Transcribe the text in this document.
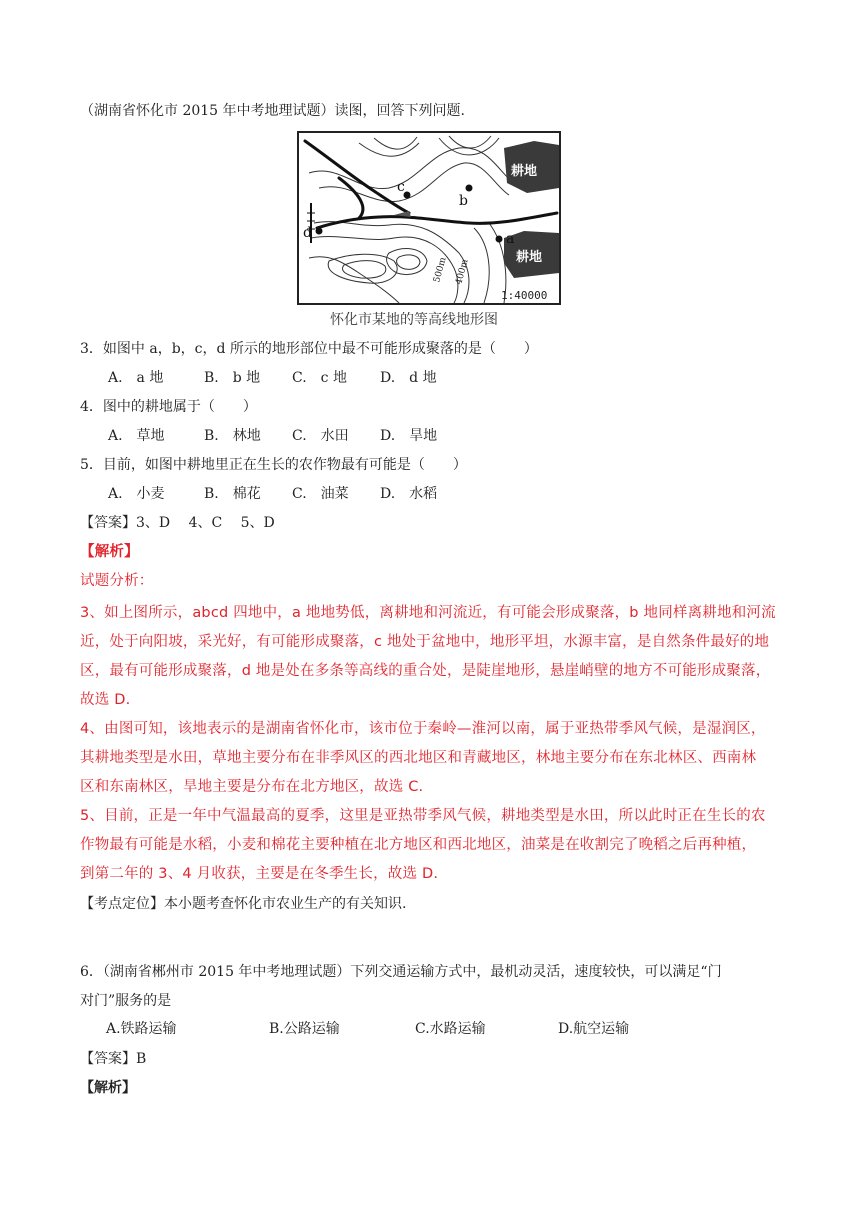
（湖南省怀化市 2015 年中考地理试题）读图，回答下列问题.
c
b
a
d
耕地
耕地
500m 400m
1:40000
怀化市某地的等高线地形图
3．如图中 a，b，c，d 所示的地形部位中最不可能形成聚落的是（　　）
A.　a 地	B.　b 地 C.　c 地 D.　d 地
4．图中的耕地属于（　　）
A.　草地	B.　林地 C.　水田 D.　旱地
5．目前，如图中耕地里正在生长的农作物最有可能是（　　）
A.　小麦	B.　棉花 C.　油菜 D.　水稻
【答案】3、D　 4、C　 5、D
【解析】
试题分析：
3、如上图所示，abcd 四地中，a 地地势低，离耕地和河流近，有可能会形成聚落，b 地同样离耕地和河流
近，处于向阳坡，采光好，有可能形成聚落，c 地处于盆地中，地形平坦，水源丰富，是自然条件最好的地
区，最有可能形成聚落，d 地是处在多条等高线的重合处，是陡崖地形，悬崖峭壁的地方不可能形成聚落，
故选 D.
4、由图可知，该地表示的是湖南省怀化市，该市位于秦岭—淮河以南，属于亚热带季风气候，是湿润区，
其耕地类型是水田，草地主要分布在非季风区的西北地区和青藏地区，林地主要分布在东北林区、西南林
区和东南林区，旱地主要是分布在北方地区，故选 C.
5、目前，正是一年中气温最高的夏季，这里是亚热带季风气候，耕地类型是水田，所以此时正在生长的农
作物最有可能是水稻，小麦和棉花主要种植在北方地区和西北地区，油菜是在收割完了晚稻之后再种植，
到第二年的 3、4 月收获，主要是在冬季生长，故选 D.
【考点定位】本小题考查怀化市农业生产的有关知识.
6．（湖南省郴州市 2015 年中考地理试题）下列交通运输方式中，最机动灵活，速度较快，可以满足“门
对门”服务的是
A.铁路运输	B.公路运输	C.水路运输	D.航空运输
【答案】B
【解析】
